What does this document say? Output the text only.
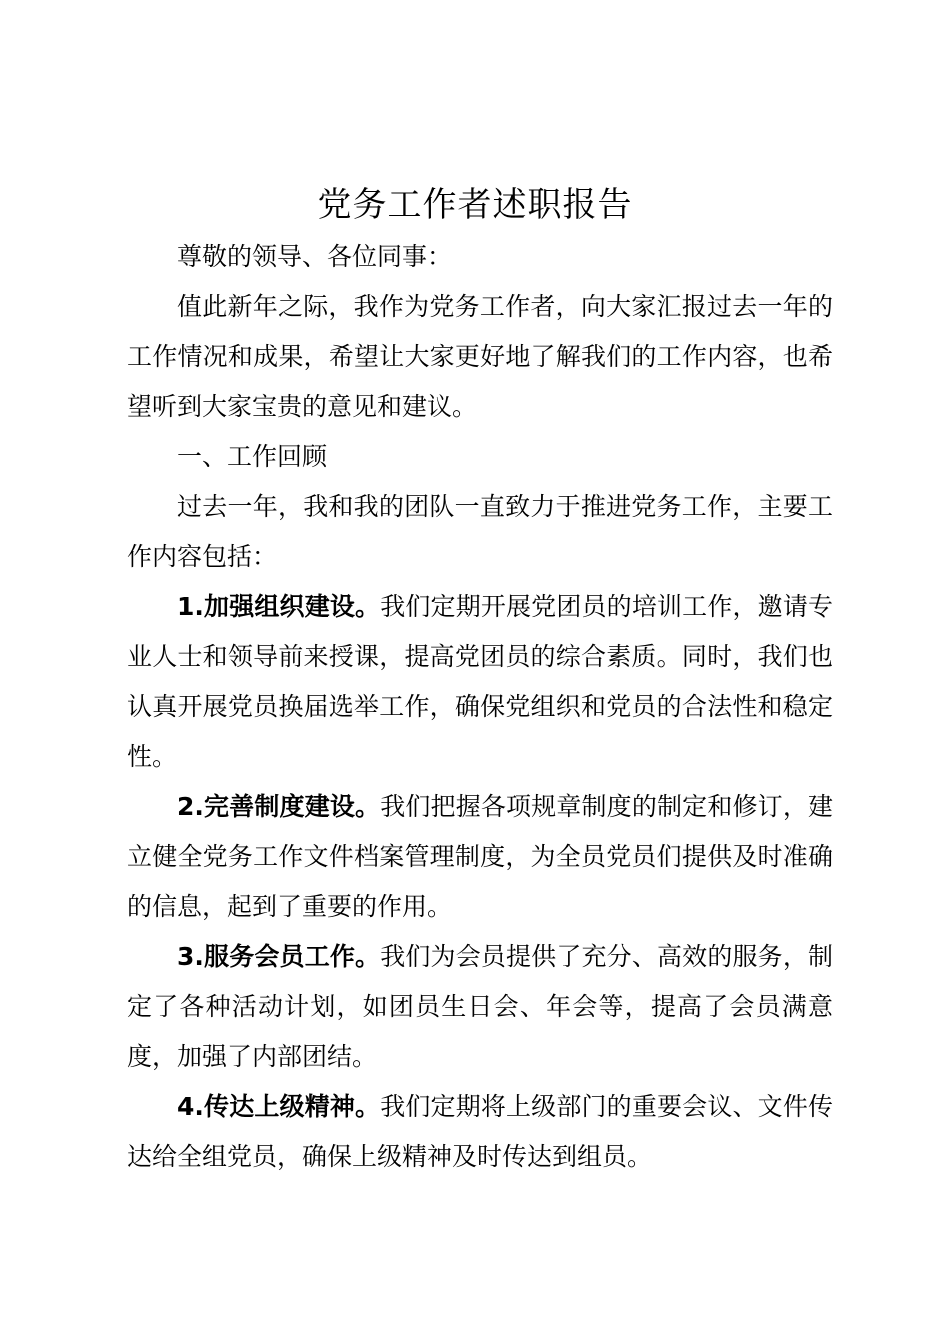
党务工作者述职报告

尊敬的领导、各位同事：

值此新年之际，我作为党务工作者，向大家汇报过去一年的工作情况和成果，希望让大家更好地了解我们的工作内容，也希望听到大家宝贵的意见和建议。

一、工作回顾

过去一年，我和我的团队一直致力于推进党务工作，主要工作内容包括：

1.加强组织建设。我们定期开展党团员的培训工作，邀请专业人士和领导前来授课，提高党团员的综合素质。同时，我们也认真开展党员换届选举工作，确保党组织和党员的合法性和稳定性。

2.完善制度建设。我们把握各项规章制度的制定和修订，建立健全党务工作文件档案管理制度，为全员党员们提供及时准确的信息，起到了重要的作用。

3.服务会员工作。我们为会员提供了充分、高效的服务，制定了各种活动计划，如团员生日会、年会等，提高了会员满意度，加强了内部团结。

4.传达上级精神。我们定期将上级部门的重要会议、文件传达给全组党员，确保上级精神及时传达到组员。
